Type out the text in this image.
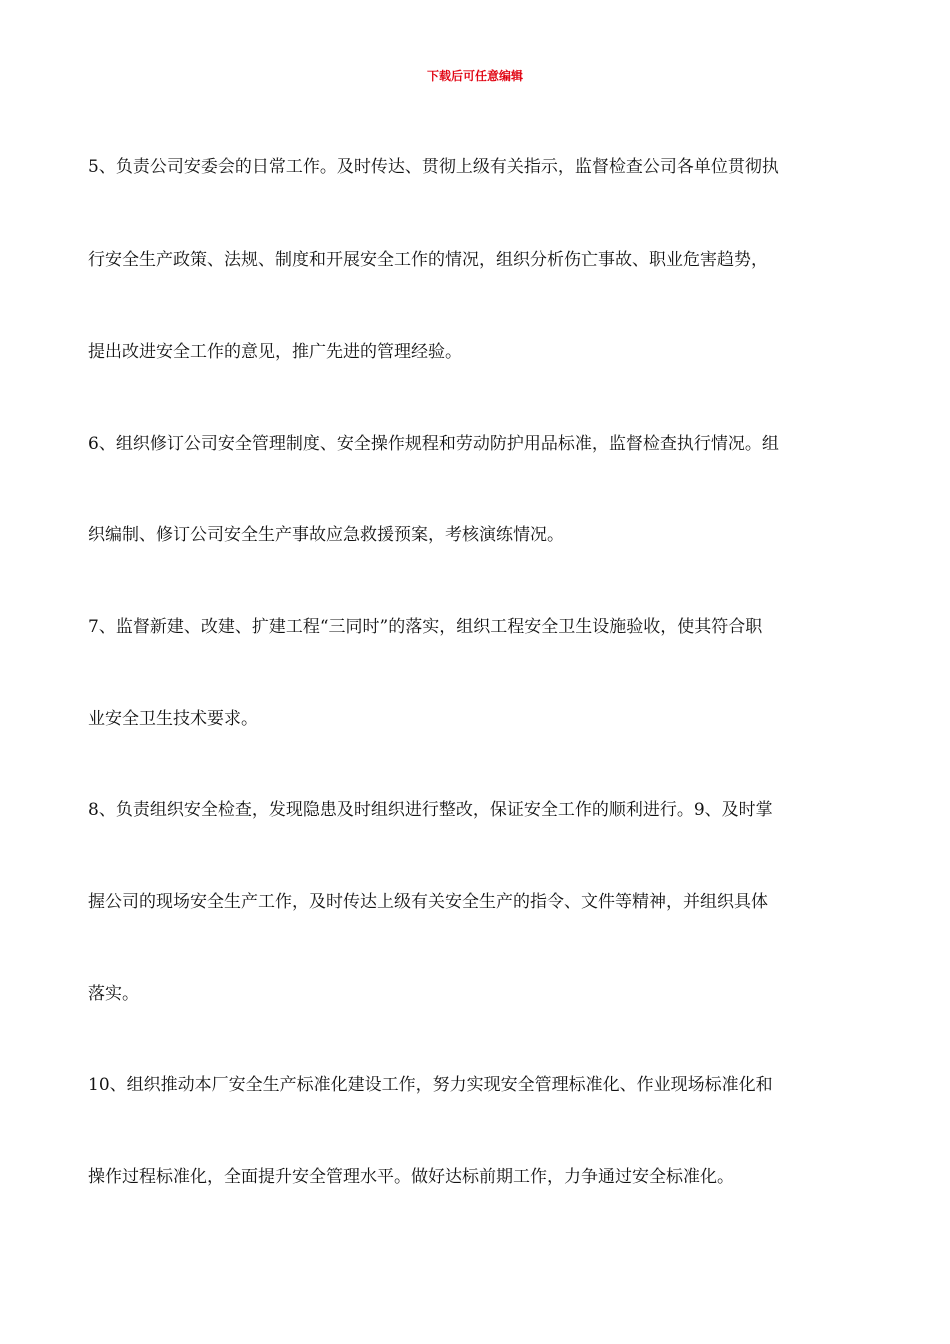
下载后可任意编辑
5、负责公司安委会的日常工作。及时传达、贯彻上级有关指示，监督检查公司各单位贯彻执
行安全生产政策、法规、制度和开展安全工作的情况，组织分析伤亡事故、职业危害趋势，
提出改进安全工作的意见，推广先进的管理经验。
6、组织修订公司安全管理制度、安全操作规程和劳动防护用品标准，监督检查执行情况。组
织编制、修订公司安全生产事故应急救援预案，考核演练情况。
7、监督新建、改建、扩建工程“三同时”的落实，组织工程安全卫生设施验收，使其符合职
业安全卫生技术要求。
8、负责组织安全检查，发现隐患及时组织进行整改，保证安全工作的顺利进行。9、及时掌
握公司的现场安全生产工作，及时传达上级有关安全生产的指令、文件等精神，并组织具体
落实。
10、组织推动本厂安全生产标准化建设工作，努力实现安全管理标准化、作业现场标准化和
操作过程标准化，全面提升安全管理水平。做好达标前期工作，力争通过安全标准化。
